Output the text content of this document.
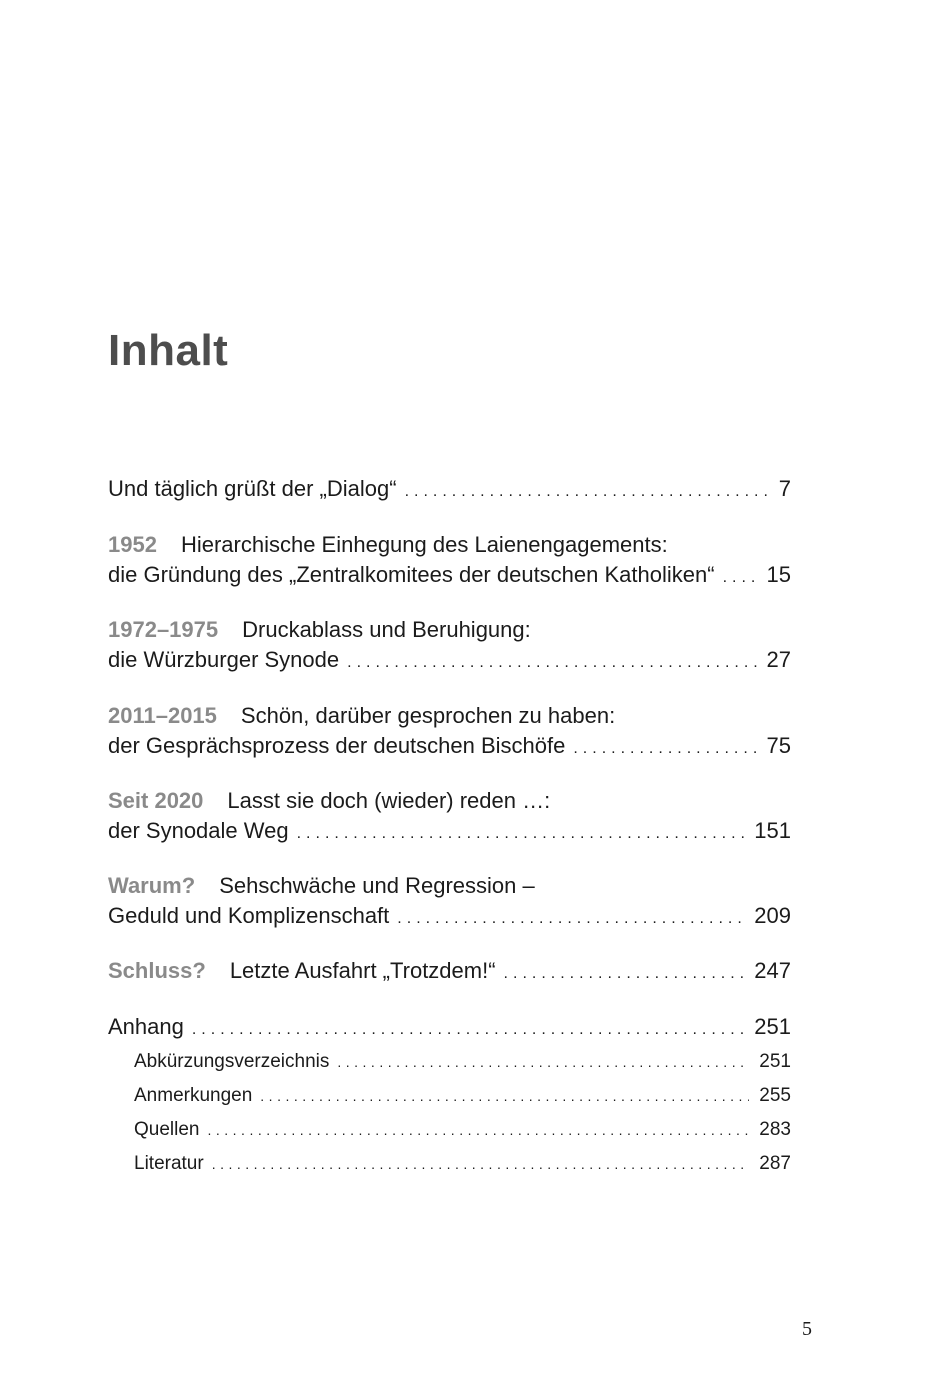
Inhalt
Und täglich grüßt der „Dialog“ .....	7
1952 Hierarchische Einhegung des Laienengagements:
die Gründung des „Zentralkomitees der deutschen Katholiken“ ..... 15
1972–1975 Druckablass und Beruhigung:
die Würzburger Synode .....	27
2011–2015 Schön, darüber gesprochen zu haben:
der Gesprächsprozess der deutschen Bischöfe .....	75
Seit 2020 Lasst sie doch (wieder) reden …:
der Synodale Weg .....	151
Warum? Sehschwäche und Regression –
Geduld und Komplizenschaft .....	209
Schluss? Letzte Ausfahrt „Trotzdem!“ .....	247
Anhang .....	251
Abkürzungsverzeichnis .....	251
Anmerkungen .....	255
Quellen .....	283
Literatur .....	287
5
